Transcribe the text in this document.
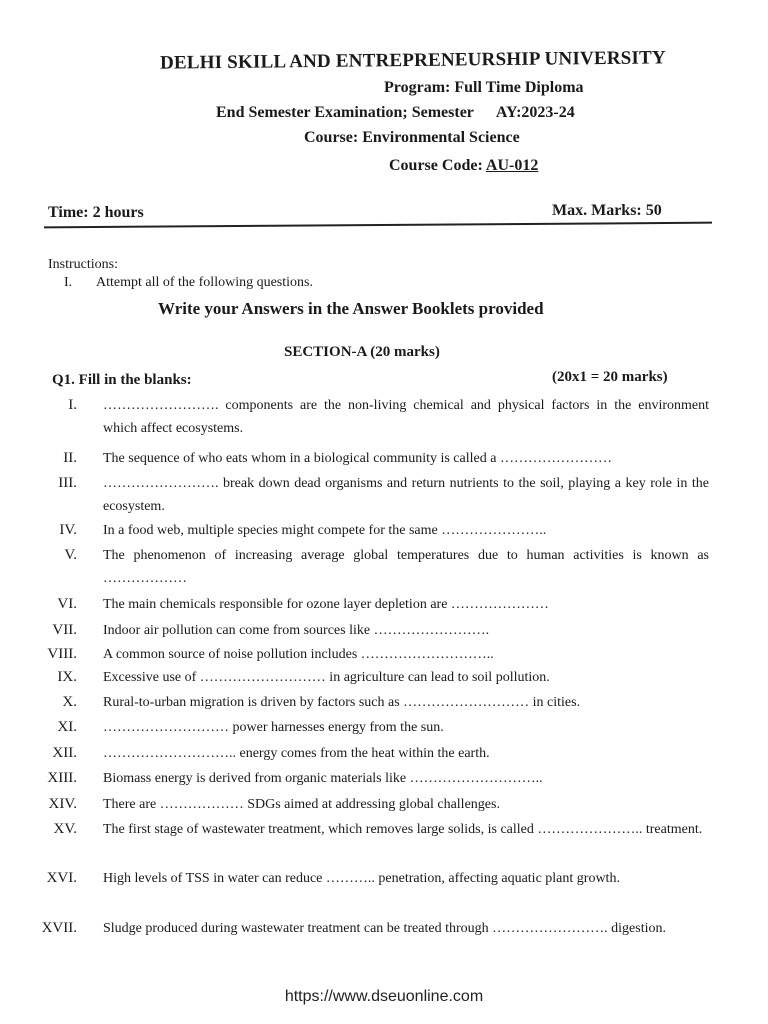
DELHI SKILL AND ENTREPRENEURSHIP UNIVERSITY
Program: Full Time Diploma
End Semester Examination; Semester AY:2023-24
Course: Environmental Science
Course Code: AU-012
Time: 2 hours	Max. Marks: 50
Instructions:
I. Attempt all of the following questions.
Write your Answers in the Answer Booklets provided
SECTION-A (20 marks)
Q1. Fill in the blanks:	(20x1 = 20 marks)
I. ……………………. components are the non-living chemical and physical factors in the environment which affect ecosystems.
II. The sequence of who eats whom in a biological community is called a ……………………
III. ……………………. break down dead organisms and return nutrients to the soil, playing a key role in the ecosystem.
IV. In a food web, multiple species might compete for the same …………………..
V. The phenomenon of increasing average global temperatures due to human activities is known as ………………
VI. The main chemicals responsible for ozone layer depletion are …………………
VII. Indoor air pollution can come from sources like …………………….
VIII. A common source of noise pollution includes ………………………..
IX. Excessive use of ……………………… in agriculture can lead to soil pollution.
X. Rural-to-urban migration is driven by factors such as ……………………… in cities.
XI. ……………………… power harnesses energy from the sun.
XII. ……………………….. energy comes from the heat within the earth.
XIII. Biomass energy is derived from organic materials like ………………………..
XIV. There are ……………… SDGs aimed at addressing global challenges.
XV. The first stage of wastewater treatment, which removes large solids, is called ………………….. treatment.
XVI. High levels of TSS in water can reduce ……….. penetration, affecting aquatic plant growth.
XVII. Sludge produced during wastewater treatment can be treated through ……………………. digestion.
https://www.dseuonline.com
